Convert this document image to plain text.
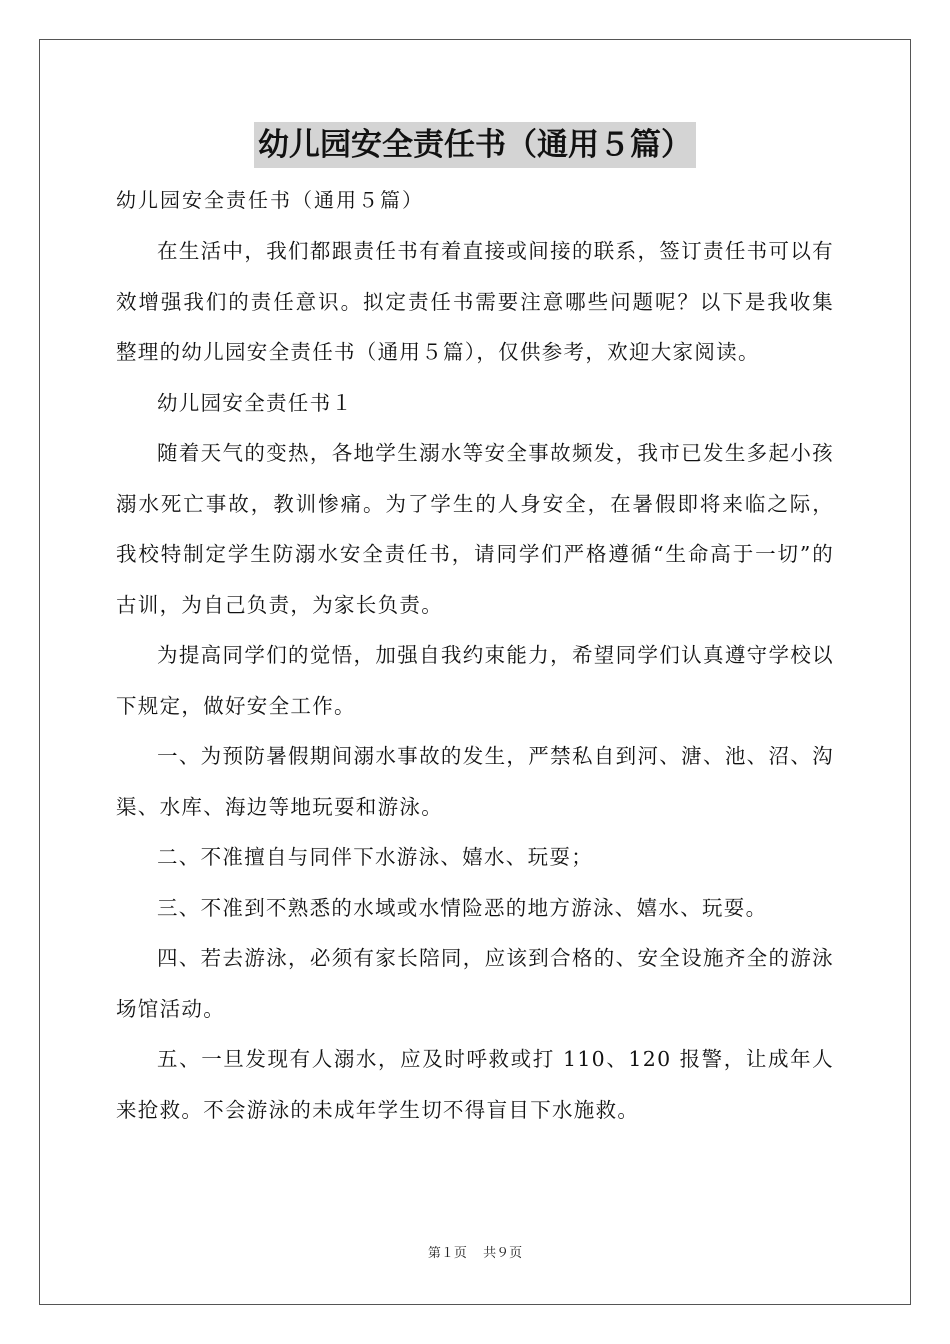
幼儿园安全责任书（通用５篇）

幼儿园安全责任书（通用５篇）

在生活中，我们都跟责任书有着直接或间接的联系，签订责任书可以有效增强我们的责任意识。拟定责任书需要注意哪些问题呢？以下是我收集整理的幼儿园安全责任书（通用５篇），仅供参考，欢迎大家阅读。

幼儿园安全责任书１

随着天气的变热，各地学生溺水等安全事故频发，我市已发生多起小孩溺水死亡事故，教训惨痛。为了学生的人身安全，在暑假即将来临之际，我校特制定学生防溺水安全责任书，请同学们严格遵循“生命高于一切”的古训，为自己负责，为家长负责。

为提高同学们的觉悟，加强自我约束能力，希望同学们认真遵守学校以下规定，做好安全工作。

一、为预防暑假期间溺水事故的发生，严禁私自到河、溏、池、沼、沟渠、水库、海边等地玩耍和游泳。

二、不准擅自与同伴下水游泳、嬉水、玩耍；

三、不准到不熟悉的水域或水情险恶的地方游泳、嬉水、玩耍。

四、若去游泳，必须有家长陪同，应该到合格的、安全设施齐全的游泳场馆活动。

五、一旦发现有人溺水，应及时呼救或打 110、120 报警，让成年人来抢救。不会游泳的未成年学生切不得盲目下水施救。

第１页 共９页
